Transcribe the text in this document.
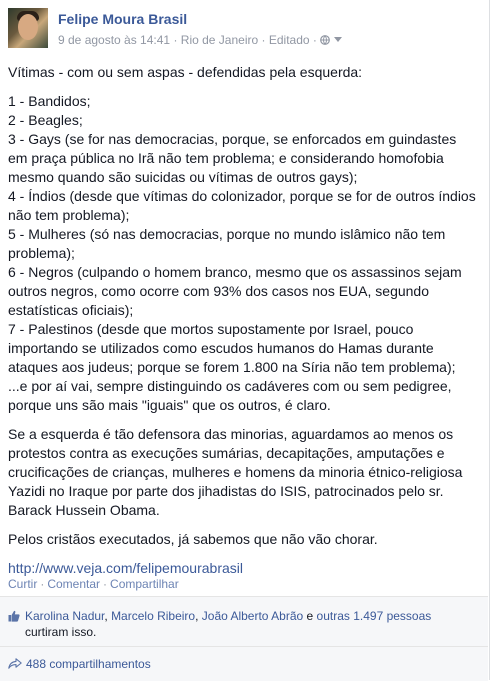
Felipe Moura Brasil
9 de agosto às 14:41 · Rio de Janeiro · Editado ·

Vítimas - com ou sem aspas - defendidas pela esquerda:

1 - Bandidos;

2 - Beagles;

3 - Gays (se for nas democracias, porque, se enforcados em guindastes em praça pública no Irã não tem problema; e considerando homofobia mesmo quando são suicidas ou vítimas de outros gays);

4 - Índios (desde que vítimas do colonizador, porque se for de outros índios não tem problema);

5 - Mulheres (só nas democracias, porque no mundo islâmico não tem problema);

6 - Negros (culpando o homem branco, mesmo que os assassinos sejam outros negros, como ocorre com 93% dos casos nos EUA, segundo estatísticas oficiais);

7 - Palestinos (desde que mortos supostamente por Israel, pouco importando se utilizados como escudos humanos do Hamas durante ataques aos judeus; porque se forem 1.800 na Síria não tem problema);

...e por aí vai, sempre distinguindo os cadáveres com ou sem pedigree, porque uns são mais "iguais" que os outros, é claro.

Se a esquerda é tão defensora das minorias, aguardamos ao menos os protestos contra as execuções sumárias, decapitações, amputações e crucificações de crianças, mulheres e homens da minoria étnico-religiosa Yazidi no Iraque por parte dos jihadistas do ISIS, patrocinados pelo sr. Barack Hussein Obama.

Pelos cristãos executados, já sabemos que não vão chorar.

http://www.veja.com/felipemourabrasil

Curtir · Comentar · Compartilhar
Karolina Nadur, Marcelo Ribeiro, João Alberto Abrão e outras 1.497 pessoas
curtiram isso.
488 compartilhamentos
